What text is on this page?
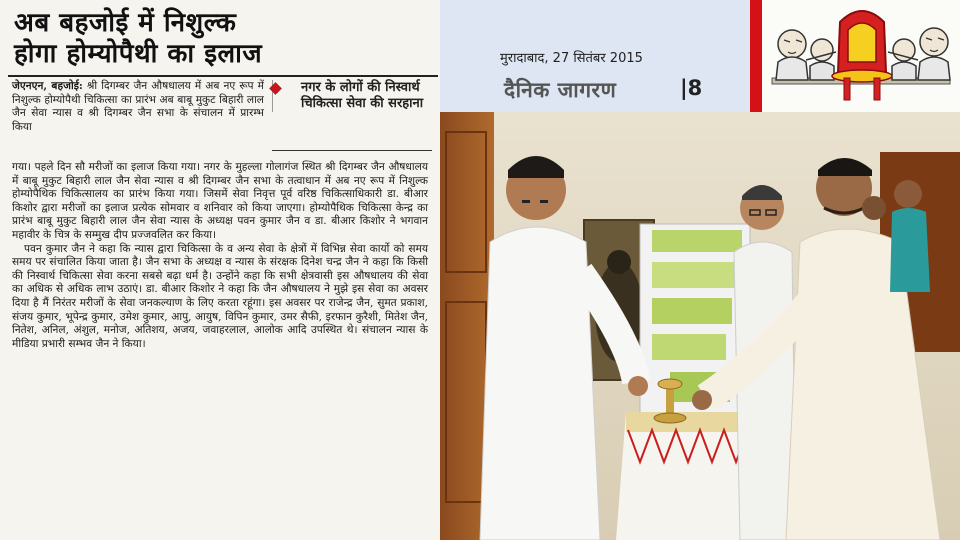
अब बहजोई में निशुल्क
होगा होम्योपैथी का इलाज
जेएनएन, बहजोई: श्री दिगम्बर जैन औषधालय में अब नए रूप में निशुल्क होम्योपैथी चिकित्सा का प्रारंभ अब बाबू मुकुट बिहारी लाल जैन सेवा न्यास व श्री दिगम्बर जैन सभा के संचालन में प्रारम्भ किया
नगर के लोगों की निस्वार्थ चिकित्सा सेवा की सरहाना

गया। पहले दिन सौ मरीजों का इलाज किया गया। नगर के मुहल्ला गोलागंज स्थित श्री दिगम्बर जैन औषधालय में बाबू मुकुट बिहारी लाल जैन सेवा न्यास व श्री दिगम्बर जैन सभा के तत्वाधान में अब नए रूप में निशुल्क होम्योपैथिक चिकित्सालय का प्रारंभ किया गया। जिसमें सेवा निवृत्त पूर्व वरिष्ठ चिकित्साधिकारी डा. बीआर किशोर द्वारा मरीजों का इलाज प्रत्येक सोमवार व शनिवार को किया जाएगा। होम्योपैथिक चिकित्सा केन्द्र का प्रारंभ बाबू मुकुट बिहारी लाल जैन सेवा न्यास के अध्यक्ष पवन कुमार जैन व डा. बीआर किशोर ने भगवान महावीर के चित्र के सम्मुख दीप प्रज्जवलित कर किया।

पवन कुमार जैन ने कहा कि न्यास द्वारा चिकित्सा के व अन्य सेवा के क्षेत्रों में विभिन्न सेवा कार्यो को समय समय पर संचालित किया जाता है। जैन सभा के अध्यक्ष व न्यास के संरक्षक दिनेश चन्द्र जैन ने कहा कि किसी की निस्वार्थ चिकित्सा सेवा करना सबसे बढ़ा धर्म है। उन्होंने कहा कि सभी क्षेत्रवासी इस औषधालय की सेवा का अधिक से अधिक लाभ उठाएं। डा. बीआर किशोर ने कहा कि जैन औषधालय ने मुझे इस सेवा का अवसर दिया है मैं निरंतर मरीजों के सेवा जनकल्याण के लिए करता रहूंगा। इस अवसर पर राजेन्द्र जैन, सुमत प्रकाश, संजय कुमार, भूपेन्द्र कुमार, उमेश कुमार, आपु, आयुष, विपिन कुमार, उमर सैफी, इरफान कुरैशी, मितेश जैन, नितेश, अनिल, अंशुल, मनोज, अतिशय, अजय, जवाहरलाल, आलोक आदि उपस्थित थे। संचालन न्यास के मीडिया प्रभारी सम्भव जैन ने किया।

मुरादाबाद, 27 सितंबर 2015
दैनिक जागरण	|8
